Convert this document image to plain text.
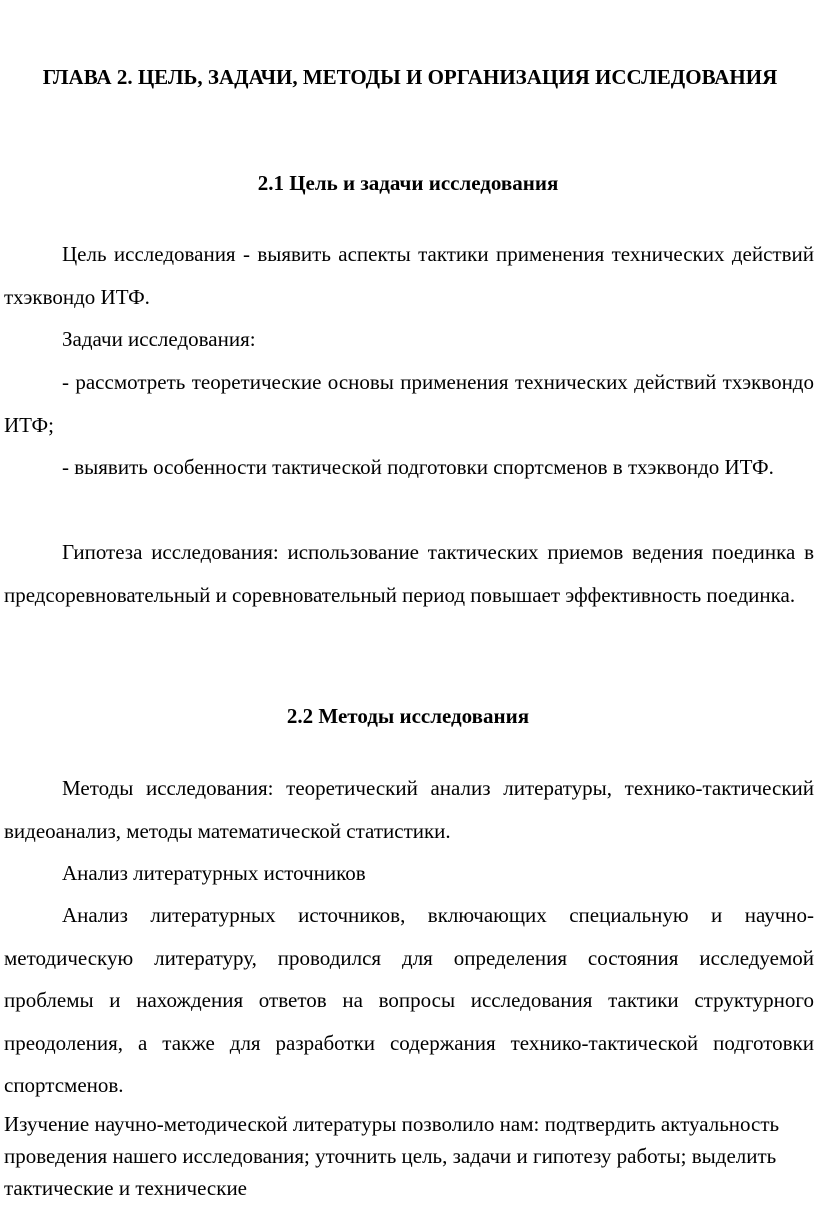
ГЛАВА 2. ЦЕЛЬ, ЗАДАЧИ, МЕТОДЫ И ОРГАНИЗАЦИЯ ИССЛЕДОВАНИЯ
2.1 Цель и задачи исследования

Цель исследования - выявить аспекты тактики применения технических действий тхэквондо ИТФ.

Задачи исследования:

- рассмотреть теоретические основы применения технических действий тхэквондо ИТФ;

- выявить особенности тактической подготовки спортсменов в тхэквондо ИТФ.

Гипотеза исследования: использование тактических приемов ведения поединка в предсоревновательный и соревновательный период повышает эффективность поединка.

2.2 Методы исследования

Методы исследования: теоретический анализ литературы, технико-тактический видеоанализ, методы математической статистики.

Анализ литературных источников

Анализ литературных источников, включающих специальную и научно-методическую литературу, проводился для определения состояния исследуемой проблемы и нахождения ответов на вопросы исследования тактики структурного преодоления, а также для разработки содержания технико-тактической подготовки спортсменов.

Изучение научно-методической литературы позволило нам: подтвердить актуальность проведения нашего исследования; уточнить цель, задачи и гипотезу работы; выделить тактические и технические
